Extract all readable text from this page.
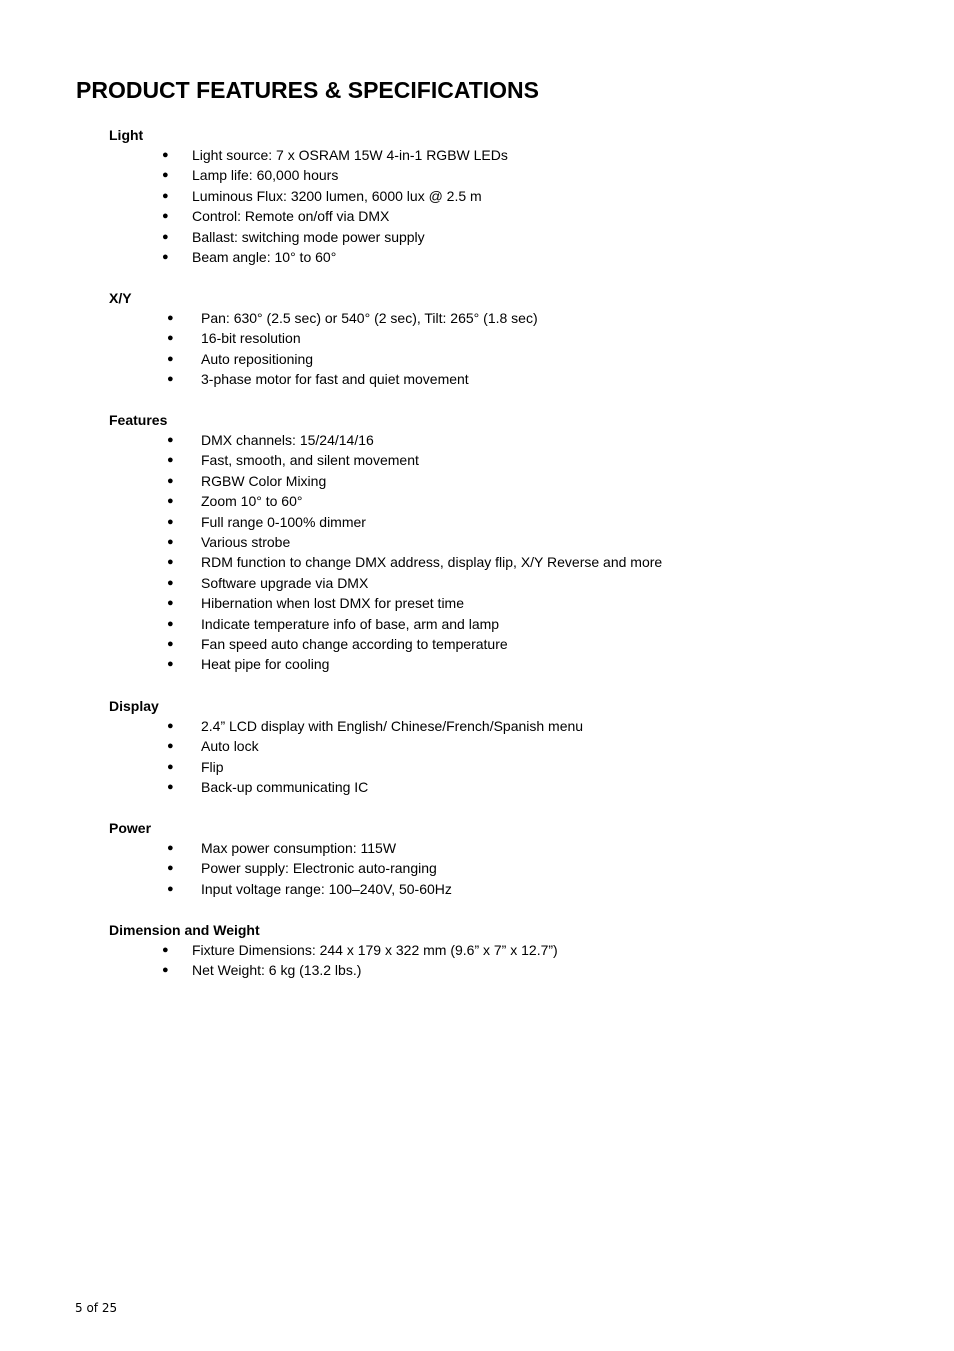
PRODUCT FEATURES & SPECIFICATIONS
Light
● Light source: 7 x OSRAM 15W 4-in-1 RGBW LEDs
● Lamp life: 60,000 hours
● Luminous Flux: 3200 lumen, 6000 lux @ 2.5 m
● Control: Remote on/off via DMX
● Ballast: switching mode power supply
● Beam angle: 10° to 60°
X/Y
● Pan: 630° (2.5 sec) or 540° (2 sec), Tilt: 265° (1.8 sec)
● 16-bit resolution
● Auto repositioning
● 3-phase motor for fast and quiet movement
Features
● DMX channels: 15/24/14/16
● Fast, smooth, and silent movement
● RGBW Color Mixing
● Zoom 10° to 60°
● Full range 0-100% dimmer
● Various strobe
● RDM function to change DMX address, display flip, X/Y Reverse and more
● Software upgrade via DMX
● Hibernation when lost DMX for preset time
● Indicate temperature info of base, arm and lamp
● Fan speed auto change according to temperature
● Heat pipe for cooling
Display
● 2.4” LCD display with English/ Chinese/French/Spanish menu
● Auto lock
● Flip
● Back-up communicating IC
Power
● Max power consumption: 115W
● Power supply: Electronic auto-ranging
● Input voltage range: 100–240V, 50-60Hz
Dimension and Weight
● Fixture Dimensions: 244 x 179 x 322 mm (9.6” x 7” x 12.7”)
● Net Weight: 6 kg (13.2 lbs.)
5 of 25
